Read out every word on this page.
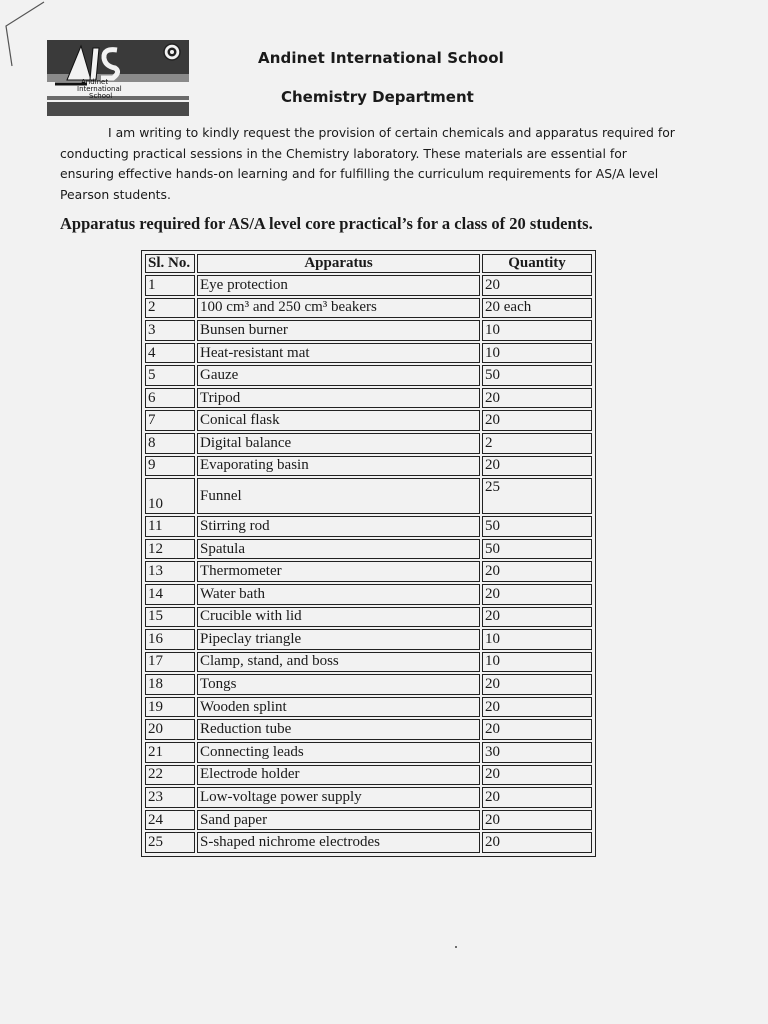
Andinet
International
School
Andinet International School
Chemistry Department

I am writing to kindly request the provision of certain chemicals and apparatus required for conducting practical sessions in the Chemistry laboratory. These materials are essential for ensuring effective hands-on learning and for fulfilling the curriculum requirements for AS/A level Pearson students.

Apparatus required for AS/A level core practical’s for a class of 20 students.
Sl. No.	Apparatus	Quantity
1	Eye protection	20
2	100 cm³ and 250 cm³ beakers	20 each
3	Bunsen burner	10
4	Heat-resistant mat	10
5	Gauze	50
6	Tripod	20
7	Conical flask	20
8	Digital balance	2
9	Evaporating basin	20
10	Funnel	25
11	Stirring rod	50
12	Spatula	50
13	Thermometer	20
14	Water bath	20
15	Crucible with lid	20
16	Pipeclay triangle	10
17	Clamp, stand, and boss	10
18	Tongs	20
19	Wooden splint	20
20	Reduction tube	20
21	Connecting leads	30
22	Electrode holder	20
23	Low-voltage power supply	20
24	Sand paper	20
25	S-shaped nichrome electrodes	20
